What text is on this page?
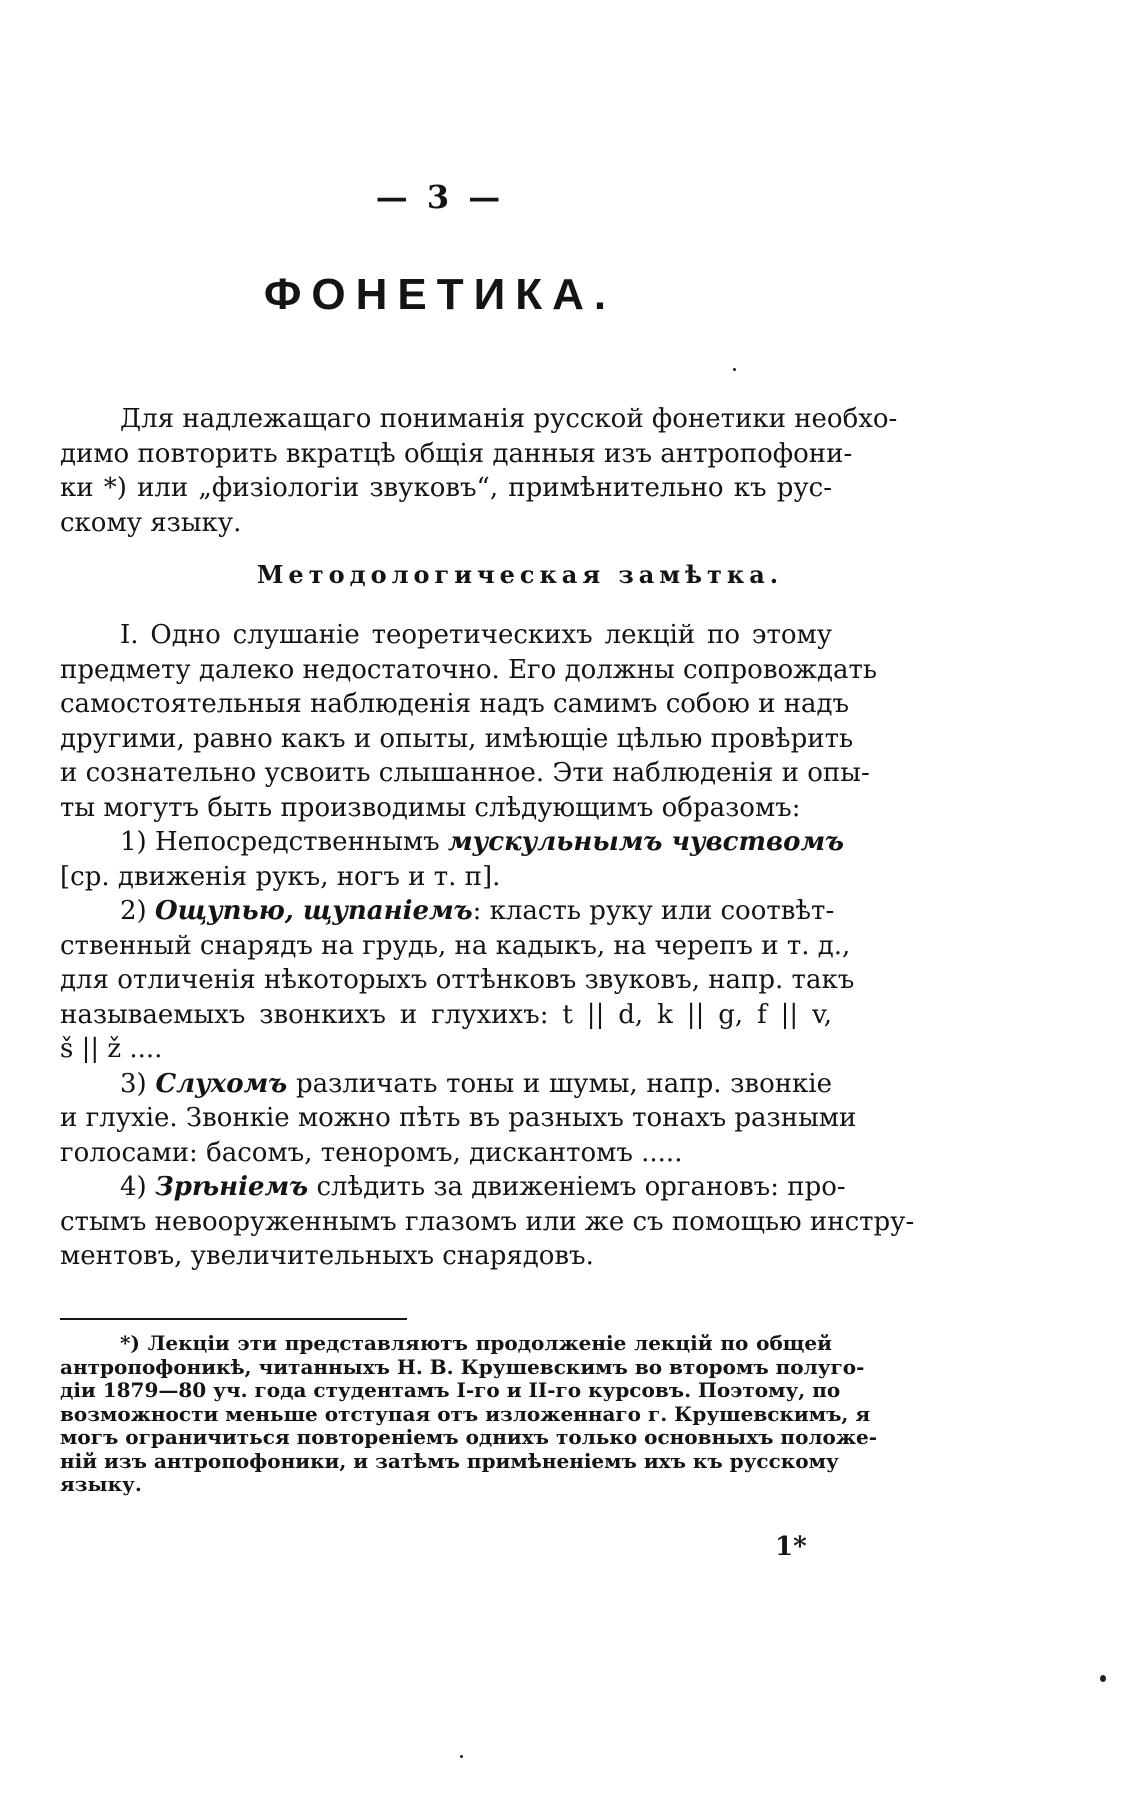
— 3 —
ФОНЕТИКА.
Для надлежащаго пониманія русской фонетики необхо-
димо повторить вкратцѣ общія данныя изъ антропофони-
ки *) или „физіологіи звуковъ“, примѣнительно къ рус-
скому языку.
Методологическая замѣтка.
I. Одно слушаніе теоретическихъ лекцій по этому
предмету далеко недостаточно. Его должны сопровождать
самостоятельныя наблюденія надъ самимъ собою и надъ
другими, равно какъ и опыты, имѣющіе цѣлью провѣрить
и сознательно усвоить слышанное. Эти наблюденія и опы-
ты могутъ быть производимы слѣдующимъ образомъ:
1) Непосредственнымъ мускульнымъ чувствомъ
[ср. движенія рукъ, ногъ и т. п].
2) Ощупью, щупаніемъ: класть руку или соотвѣт-
ственный снарядъ на грудь, на кадыкъ, на черепъ и т. д.,
для отличенія нѣкоторыхъ оттѣнковъ звуковъ, напр. такъ
называемыхъ звонкихъ и глухихъ: t || d, k || g, f || v,
š || ž ....
3) Слухомъ различать тоны и шумы, напр. звонкіе
и глухіе. Звонкіе можно пѣть въ разныхъ тонахъ разными
голосами: басомъ, теноромъ, дискантомъ .....
4) Зрѣніемъ слѣдить за движеніемъ органовъ: про-
стымъ невооруженнымъ глазомъ или же съ помощью инстру-
ментовъ, увеличительныхъ снарядовъ.
*) Лекціи эти представляютъ продолженіе лекцій по общей
антропофоникѣ, читанныхъ Н. В. Крушевскимъ во второмъ полуго-
діи 1879—80 уч. года студентамъ I-го и II-го курсовъ. Поэтому, по
возможности меньше отступая отъ изложеннаго г. Крушевскимъ, я
могъ ограничиться повтореніемъ однихъ только основныхъ положе-
ній изъ антропофоники, и затѣмъ примѣненіемъ ихъ къ русскому
языку.
1*
